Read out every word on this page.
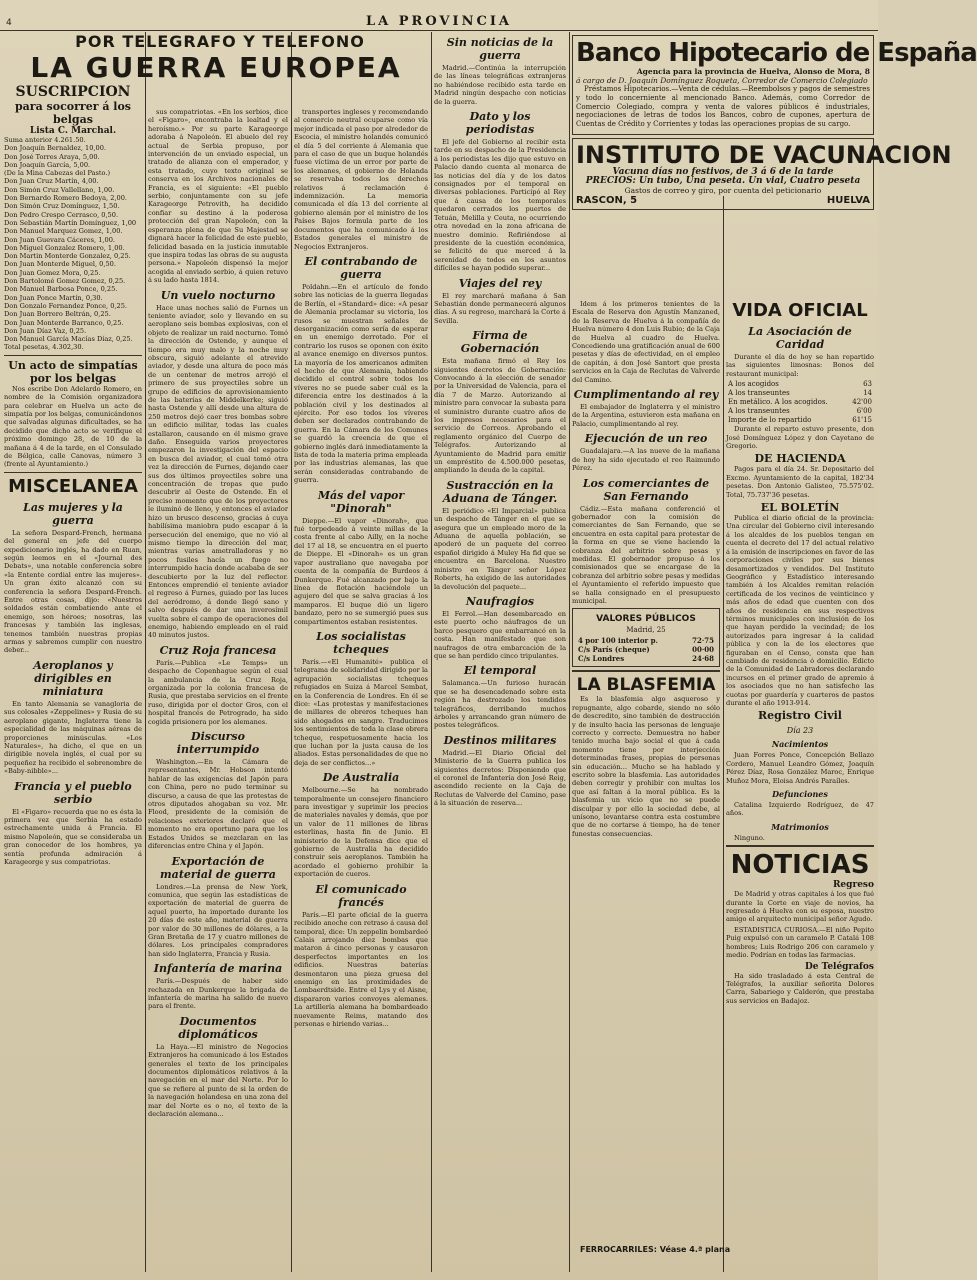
4	LA PROVINCIA
POR TELEGRAFO Y TELEFONO
LA GUERRA EUROPEA
SUSCRIPCION
para socorrer á los belgas
Lista C. Marchal.
Suma anterior 4.261.50.
Don Joaquín Bernaldez, 10,00.
Don José Torres Araya, 5,00.
Don Joaquín García, 5,00.
(De la Mina Cabezas del Pasto.)
Don Juan Cruz Martín, 4,00.
Don Simón Cruz Vallellano, 1,00.
Don Bernardo Romero Bedoya, 2,00.
Don Simón Cruz Domínguez, 1,50.
Don Pedro Crespo Cerrasco, 0,50.
Don Sebastián Martín Domínguez, 1,00
Don Manuel Marquez Gomez, 1,00.
Don Juan Guevara Cáceres, 1,00.
Don Miguel Gonzalez Romero, 1,00.
Don Martin Monterde Gonzalez, 0,25.
Don Juan Monterde Miguel, 0,50.
Don Juan Gomez Mora, 0,25.
Don Bartolomé Gomez Gomez, 0,25.
Don Manuel Barbosa Ponce, 0,25.
Don Juan Ponce Martín, 0,30.
Don Gonzalo Fernandez Ponce, 0,25.
Don Juan Borrero Beltrán, 0,25.
Don Juan Monterde Barranco, 0,25.
Don Juan Díaz Vaz, 0,25.
Don Manuel García Macías Díaz, 0,25.
Total pesetas, 4.302,30.
Un acto de simpatías por los belgas

Nos escribe Don Adelardo Romero, en nombre de la Comisión organizadora para celebrar en Huelva un acto de simpatía por los belgas, comunicándonos que salvadas algunas dificultades, se ha decidido que dicho acto se verifique el próximo domingo 28, de 10 de la mañana á 4 de la tarde, en el Consulado de Bélgica, calle Canovas, número 3 (frente al Ayuntamiento.)

MISCELANEA
Las mujeres y la guerra

La señora Despard-French, hermana del general en jefe del cuerpo expedicionario inglés, ha dado en Ruan, según leemos en el «Journal des Debats», una notable conferencia sobre «la Entente cordial entre las mujeres». Un gran éxito alcanzó con su conferencia la señora Despard-French. Entre otras cosas, dijo: «Nuestros soldados están combatiendo ante el enemigo, son héroes; nosotras, las francesas y también las inglesas, tenemos también nuestras propias armas y sabremos cumplir con nuestro deber...

Aeroplanos y dirigibles en miniatura

En tanto Alemania se vanagloria de sus colosales «Zeppelines» y Rusia de su aeroplano gigante, Inglaterra tiene la especialidad de las máquinas aéreas de proporciones minúsculas. «Los Naturales», ha dicho, el que en un dirigible novela inglés, el cual por su pequeñez ha recibido el sobrenombre de «Baby-nibble»...

Francia y el pueblo serbio

El «Figaro» recuerda que no es ésta la primera vez que Serbia ha estado estrechamente unida á Francia. El mismo Napoleón, que se consideraba un gran conocedor de los hombres, ya sentía profunda admiración á Karageorge y sus compatriotas.

sus compatriotas. «En los serbios, dice el «Figaro», encontraba la lealtad y el heroísmo.» Por su parte Karageorge adoraba á Napoleón. El abuelo del rey actual de Serbia propuso, por intervención de un enviado especial, un tratado de alianza con el emperador, y esta tratado, cuyo texto original se conserva en los Archivos nacionales de Francia, es el siguiente: «El pueblo serbio, conjuntamente con su jefe Karageorge Petrovith, ha decidido confiar su destino á la poderosa protección del gran Napoleón, con la esperanza plena de que Su Majestad se dignará hacer la felicidad de este pueblo, felicidad basada en la justicia inmutable que inspira todas las obras de su augusta persona.» Napoleón dispensó la mejor acogida al enviado serbio, á quien retuvo á su lado hasta 1814.

Un vuelo nocturno

Hace unas noches salió de Furnes un teniente aviador, solo y llevando en su aeroplano seis bombas explosivas, con el objeto de realizar un raid nocturno. Tomó la dirección de Ostende, y aunque el tiempo era muy malo y la noche muy obscura, siguió adelante el atrevido aviador, y desde una altura de poco más de un centenar de metros arrojó el primero de sus proyectiles sobre un grupo de edificios de aprovisionamiento de las baterías de Middelkerke; siguió hasta Ostende y allí desde una altura de 250 metros dejó caer tres bombas sobre un edificio militar, todas las cuales estallaron, causando en él mismo grave daño. Enseguida varios proyectores empezaron la investigación del espacio en busca del aviador, el cual tomó otra vez la dirección de Furnes, dejando caer sus dos últimos proyectiles sobre una concentración de tropas que pudo descubrir al Oeste de Ostende. En el preciso momento que de los proyectores le iluminó de lleno, y entonces el aviador hizo un brusco descenso, gracias á cuya habilísima maniobra pudo escapar á la persecución del enemigo, que no vió al mismo tiempo la dirección del mar, mientras varias ametralladoras y no pocos fusiles hacía un fuego no interrumpido hacia donde acababa de ser descubierto por la luz del reflector. Entonces emprendió el teniente aviador el regreso á Furnes, guiado por las luces del aeródromo, á donde llegó sano y salvo después de dar una inverosímil vuelta sobre el campo de operaciones del enemigo, habiendo empleado en el raid 40 minutos justos.

Cruz Roja francesa

París.—Publica «Le Temps» un despacho de Copenhague según el cual la ambulancia de la Cruz Roja, organizada por la colonia francesa de Rusia, que prestaba servicios en el frente ruso, dirigida por el doctor Gros, con el hospital francés de Petrogrado, ha sido cogida prisionera por los alemanes.

Discurso interrumpido

Washington.—En la Cámara de representantes, Mr. Hobson intentó hablar de las exigencias del Japón para con China, pero no pudo terminar su discurso, a causa de que las protestas de otros diputados ahogaban su voz. Mr. Flood, presidente de la comisión de relaciones exteriores declaró que el momento no era oportuno para que los Estados Unidos se mezclaran en las diferencias entre China y el Japón.

Exportación de material de guerra

Londres.—La prensa de New York, comunica, que según las estadísticas de exportación de material de guerra de aquel puerto, ha importado durante los 20 días de este año, material de guerra por valor de 30 millones de dólares, a la Gran Bretaña de 17 y cuatro millones de dólares. Los principales compradores han sido Inglaterra, Francia y Rusia.

Infantería de marina

París.—Después de haber sido rechazada en Dunkerque la brigada de infantería de marina ha salido de nuevo para el frente.

Documentos diplomáticos

La Haya.—El ministro de Negocios Extranjeros ha comunicado á los Estados generales el texto de los principales documentos diplomáticos relativos á la navegación en el mar del Norte. Por lo que se refiere al punto de si la orden de la navegación holandesa en una zona del mar del Norte es o no, el texto de la declaración alemana...

transportes ingleses y recomendando al comercio neutral ocuparse como vía mejor indicada el paso por alrededor de Escocia, el ministro holandés comunicó el día 5 del corriente á Alemania que para el caso de que un buque holandés fuese víctima de un error por parte de los alemanes, el gobierno de Holanda se reservaba todos los derechos relativos á reclamación é indemnización. La memoria comunicada el día 13 del corriente al gobierno alemán por el ministro de los Países Bajos formula parte de los documentos que ha comunicado á los Estados generales el ministro de Negocios Extranjeros.

El contrabando de guerra

Poldahn.—En el artículo de fondo sobre las noticias de la guerra llegadas de Berlín, el «Standard» dice: «A pesar de Alemania proclamar su victoria, los rusos se muestran señales de desorganización como sería de esperar en un enemigo derrotado. Por el contrario los rusos se oponen con éxito al avance enemigo en diversos puntos. La mayoría de los americanos admiten el hecho de que Alemania, habiendo decidido el control sobre todos los víveres no se puede saber cuál es la diferencia entre los destinados á la población civil y los destinados al ejército. Por eso todos los víveres deben ser declarados contrabando de guerra. En la Cámara de los Comunes se guardó la creencia de que el gobierno inglés dará inmediatamente la lista de toda la materia prima empleada por las industrias alemanas, las que serán consideradas contrabando de guerra.

Más del vapor "Dinorah"

Dieppe.—El vapor «Dinorah», que fué torpedeado á veinte millas de la costa frente al cabo Ailly, en la noche del 17 al 18, se encuentra en el puerto de Dieppe. El «Dinorah» es un gran vapor australiano que navegaba por cuenta de la compañía de Burdeos á Dunkerque. Fué alcanzado por bajo la línea de flotación haciéndole un agujero del que se salva gracias á los mamparos. El buque dió un ligero bandazo, pero no se sumergió pues sus compartimentos estaban resistentes.

Los socialistas tcheques

París.—«El Humanité» publica el telegrama de solidaridad dirigido por la agrupación socialistas tcheques refugiados en Suiza á Marcel Sembat, en la Conferencia de Londres. En él se dice: «Las protestas y manifestaciones de millares de obreros tcheques han sido ahogados en sangre. Traducimos los sentimientos de toda la clase obrera tcheque, respetuosamente hacia los que luchan por la justa causa de los aliados. Estas personalidades de que no deja de ser conflictos...»

De Australia

Melbourne.—Se ha nombrado temporalmente un consejero financiero para investigar y suprimir los precios de materiales navales y demás, que por un valor de 11 millones de libras esterlinas, hasta fin de Junio. El ministerio de la Defensa dice que el gobierno de Australia ha decidido construir seis aeroplanos. También ha acordado el gobierno prohibir la exportación de cueros.

El comunicado francés

París.—El parte oficial de la guerra recibido anoche con retraso á causa del temporal, dice: Un zeppelin bombardeó Calais arrojando diez bombas que mataron á cinco personas y causaron desperfectos importantes en los edificios. Nuestras baterías desmontaron una pieza gruesa del enemigo en las proximidades de Lombaerdtside. Entre el Lys y el Aisne, dispararon varios convoyes alemanes. La artillería alemana ha bombardeado nuevamente Reims, matando dos personas e hiriendo varias...

Sin noticias de la guerra

Madrid.—Continúa la interrupción de las líneas telegráficas extranjeras no habiéndose recibido esta tarde en Madrid ningún despacho con noticias de la guerra.

Dato y los periodistas

El jefe del Gobierno al recibir esta tarde en su despacho de la Presidencia á los periodistas les dijo que estuvo en Palacio dando cuenta al monarca de las noticias del día y de los datos consignados por el temporal en diversas poblaciones. Participó al Rey que á causa de los temporales quedaron cerrados los puertos de Tetuán, Melilla y Ceuta, no ocurriendo otra novedad en la zona africana de nuestro dominio. Refiriéndose al presidente de la cuestión económica, se felicitó de que merced á la serenidad de todos en los asuntos difíciles se hayan podido superar...

Viajes del rey

El rey marchará mañana á San Sebastián donde permanecerá algunos días. A su regreso, marchará la Corte á Sevilla.

Firma de Gobernación

Esta mañana firmó el Rey los siguientes decretos de Gobernación: Convocando á la elección de senador por la Universidad de Valencia, para el día 7 de Marzo. Autorizando al ministro para convocar la subasta para el suministro durante cuatro años de los impresos necesarios para el servicio de Correos. Aprobando el reglamento orgánico del Cuerpo de Telégrafos. Autorizando al Ayuntamiento de Madrid para emitir un empréstito de 4.500.000 pesetas, ampliando la deuda de la capital.

Sustracción en la Aduana de Tánger.

El periódico «El Imparcial» publica un despacho de Tánger en el que se asegura que un empleado moro de la Aduana de aquella población, se apoderó de un paquete del correo español dirigido á Muley Ha fid que se encuentra en Barcelona. Nuestro ministro en Tánger señor López Roberts, ha exigido de las autoridades la devolución del paquete...

Naufragios

El Ferrol.—Han desembarcado en este puerto ocho náufragos de un barco pesquero que embarrancó en la costa. Han manifestado que son naufragos de otra embarcación de la que se han perdido cinco tripulantes.

El temporal

Salamanca.—Un furioso huracán que se ha desencadenado sobre esta región ha destrozado los tendidos telegráficos, derribando muchos árboles y arrancando gran número de postes telegráficos.

Destinos militares

Madrid.—El Diario Oficial del Ministerio de la Guerra publica los siguientes decretos: Disponiendo que el coronel de Infantería don José Reig, ascendido reciente en la Caja de Reclutas de Valverde del Camino, pase á la situación de reserva...

Banco Hipotecario de España
Agencia para la provincia de Huelva, Alonso de Mora, 8
á cargo de D. Joaquín Domínguez Roqueta, Corredor de Comercio Colegiado

Préstamos Hipotecarios.—Venta de cédulas.—Reembolsos y pagos de semestres y todo lo concerniente al mencionado Banco. Además, como Corredor de Comercio Colegiado, compra y venta de valores públicos é industriales, negociaciones de letras de todos los Bancos, cobro de cupones, apertura de Cuentas de Crédito y Corrientes y todas las operaciones propias de su cargo.

INSTITUTO DE VACUNACION
Vacuna días no festivos, de 3 á 6 de la tarde
PRECIOS: Un tubo, Una peseta. Un vial, Cuatro peseta
Gastos de correo y giro, por cuenta del peticionario
RASCON, 5	HUELVA

Idem á los primeros tenientes de la Escala de Reserva don Agustín Manzaned, de la Reserva de Huelva á la compañía de Huelva número 4 don Luis Rubio; de la Caja de Huelva al cuadro de Huelva. Concediendo una gratificación anual de 600 pesetas y días de efectividad, en el empleo de capitán, á don José Santort que presta servicios en la Caja de Reclutas de Valverde del Camino.

Cumplimentando al rey

El embajador de Inglaterra y el ministro de la Argentina, estuvieron esta mañana en Palacio, cumplimentando al rey.

Ejecución de un reo

Guadalajara.—A las nueve de la mañana de hoy ha sido ejecutado el reo Raimundo Pérez.

Los comerciantes de San Fernando

Cádiz.—Esta mañana conferenció el gobernador con la comisión de comerciantes de San Fernando, que se encuentra en esta capital para protestar de la forma en que se viene haciendo la cobranza del arbitrio sobre pesas y medidas. El gobernador propuso á los comisionados que se encargase de la cobranza del arbitrio sobre pesas y medidas el Ayuntamiento el referido impuesto que se halla consignado en el presupuesto municipal.

VALORES PÚBLICOS
Madrid, 25
4 por 100 interior p.	72·75
C/s París (cheque)	00·00
C/s Londres	24·68
LA BLASFEMIA

Es la blasfemia algo asqueroso y repugnante, algo cobarde, siendo no sólo de descredito, sino también de destrucción y de insulto hacia las personas de lenguaje correcto y correcto. Demuestra no haber tenido mucha bajo social el que á cada momento tiene por interjección determinadas frases, propias de personas sin educación... Mucho se ha hablado y escrito sobre la blasfemia. Las autoridades deben corregir y prohibir con multas los que así faltan á la moral pública. Es la blasfemia un vicio que no se puede disculpar y por ello la sociedad debe, al unísono, levantarse contra esta costumbre que de no cortarse á tiempo, ha de tener funestas consecuencias.

VIDA OFICIAL
La Asociación de Caridad

Durante el día de hoy se han repartido las siguientes limosnas: Bonos del restaurant municipal:

A los acogidos	63
A los transeuntes	14
En metálico. A los acogidos.	42'00
A los transeuntes	6'00
Importe de lo repartido	61'15

Durante el reparto estuvo presente, don José Domínguez López y don Cayetano de Gregorio.

DE HACIENDA

Pagos para el día 24. Sr. Depositario del Excmo. Ayuntamiento de la capital, 182'34 pesetas. Don Antonio Galisteo, 75.575'02. Total, 75.737'36 pesetas.

EL BOLETÍN

Publica el diario oficial de la provincia: Una circular del Gobierno civil interesando á los alcaldes de los pueblos tengan en cuenta el decreto del 17 del actual relativo á la emisión de inscripciones en favor de las corporaciones civiles por sus bienes desamortizados y vendidos. Del Instituto Geográfico y Estadístico interesando también á los Alcaldes remitan relación certificada de los vecinos de veinticinco y más años de edad que cuenten con dos años de residencia en sus respectivos términos municipales con inclusión de los que hayan perdido la vecindad; de los autorizados para ingresar á la calidad pública y con la de los electores que figuraban en el Censo, consta que han cambiado de residencia ó domicilio. Edicto de la Comunidad de Labradores declarando incursos en el primer grado de apremio á los asociados que no han satisfecho las cuotas por guardería y cuarteros de pastos durante el año 1913-914.

Registro Civil
Día 23
Nacimientos

Juan Forres Ponce, Concepción Bellazo Cordero, Manuel Leandro Gómez, Joaquín Pérez Díaz, Rosa González Maroc, Enrique Muñoz Mora, Eloisa Andrés Paraíles.

Defunciones

Catalina Izquierdo Rodríguez, de 47 años.

Matrimonios

Ninguno.

NOTICIAS
Regreso

De Madrid y otras capitales á los que fué durante la Corte en viaje de novios, ha regresado á Huelva con su esposa, nuestro amigo el arquitecto municipal señor Agudo.

ESTADISTICA CURIOSA.—El niño Pepito Puig expulsó con un caramelo P. Catalá 108 hombres; Luis Rodrigo 206 con caramelo y medio. Podrían en todas las farmacias.

De Telégrafos

Ha sido trasladado á esta Central de Telégrafos, la auxiliar señorita Dolores Carra, Sabariego y Calderón, que prestaba sus servicios en Badajoz.

FERROCARRILES: Véase 4.ª plana
